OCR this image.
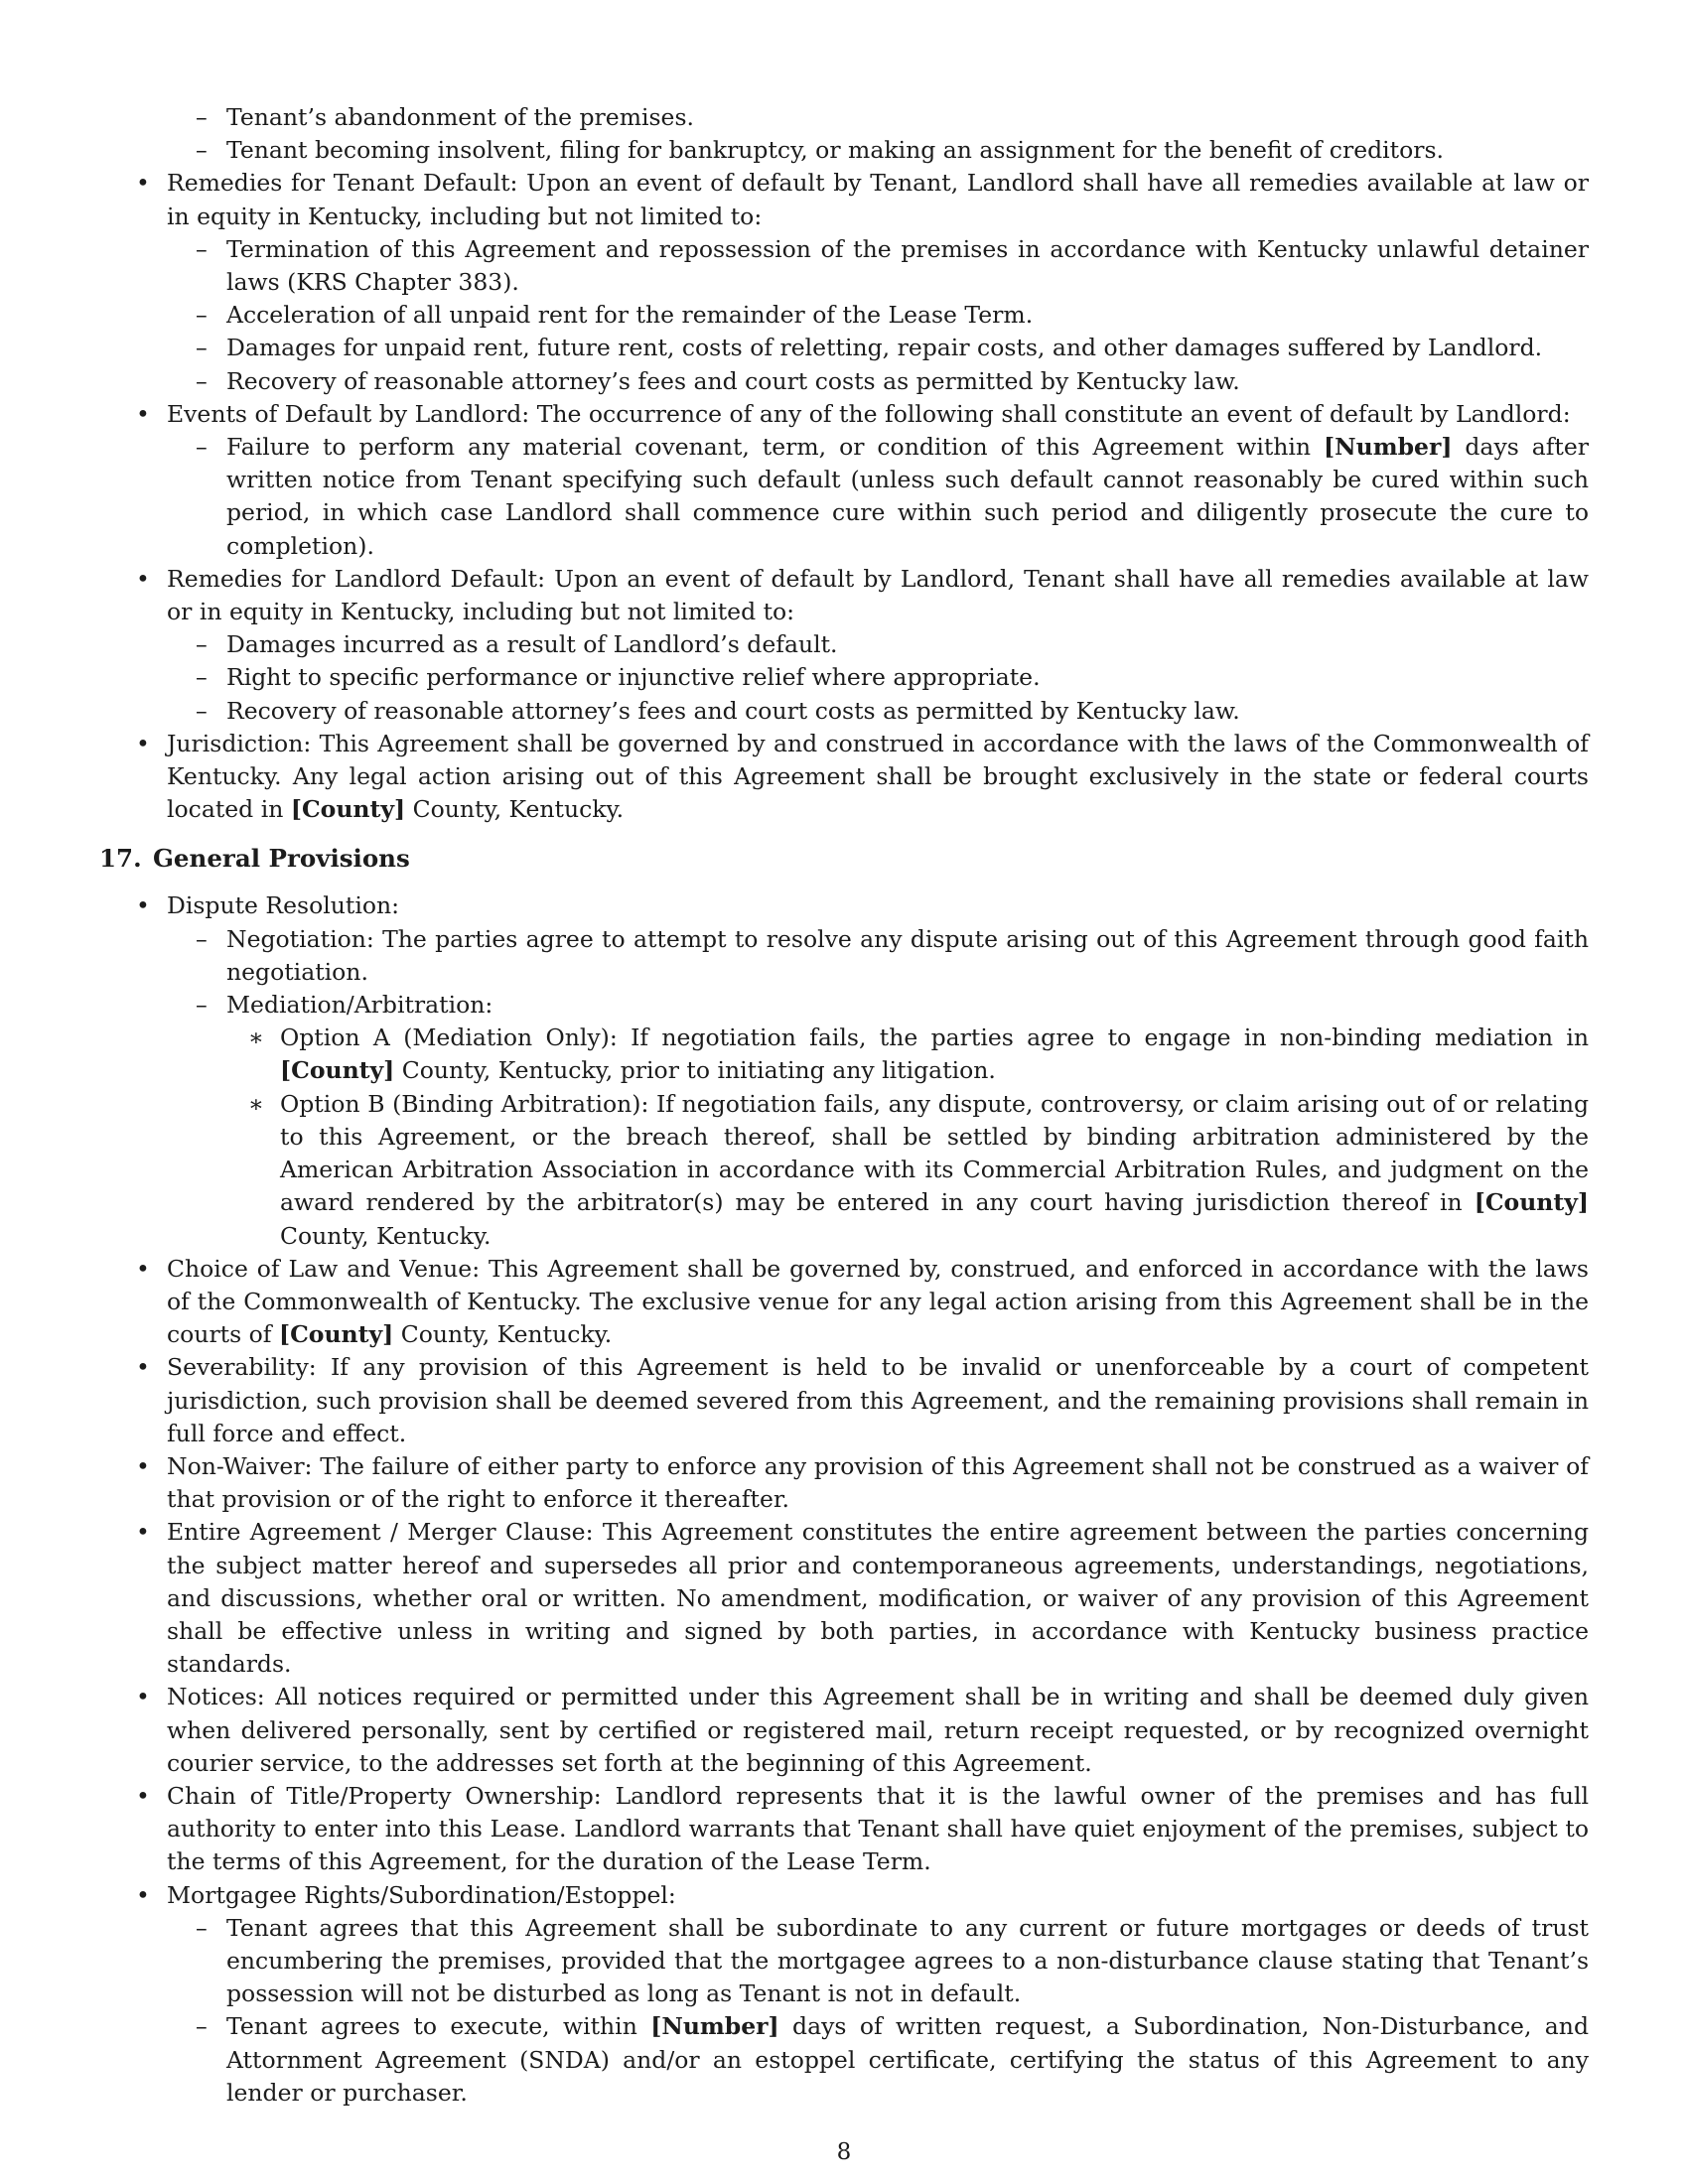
– Tenant’s abandonment of the premises.
– Tenant becoming insolvent, filing for bankruptcy, or making an assignment for the benefit of creditors.
• Remedies for Tenant Default: Upon an event of default by Tenant, Landlord shall have all remedies available at law or in equity in Kentucky, including but not limited to:
– Termination of this Agreement and repossession of the premises in accordance with Kentucky unlawful detainer laws (KRS Chapter 383).
– Acceleration of all unpaid rent for the remainder of the Lease Term.
– Damages for unpaid rent, future rent, costs of reletting, repair costs, and other damages suffered by Landlord.
– Recovery of reasonable attorney’s fees and court costs as permitted by Kentucky law.
• Events of Default by Landlord: The occurrence of any of the following shall constitute an event of default by Landlord:
– Failure to perform any material covenant, term, or condition of this Agreement within [Number] days after written notice from Tenant specifying such default (unless such default cannot reasonably be cured within such period, in which case Landlord shall commence cure within such period and diligently prosecute the cure to completion).
• Remedies for Landlord Default: Upon an event of default by Landlord, Tenant shall have all remedies available at law or in equity in Kentucky, including but not limited to:
– Damages incurred as a result of Landlord’s default.
– Right to specific performance or injunctive relief where appropriate.
– Recovery of reasonable attorney’s fees and court costs as permitted by Kentucky law.
• Jurisdiction: This Agreement shall be governed by and construed in accordance with the laws of the Commonwealth of Kentucky. Any legal action arising out of this Agreement shall be brought exclusively in the state or federal courts located in [County] County, Kentucky.
17. General Provisions
• Dispute Resolution:
– Negotiation: The parties agree to attempt to resolve any dispute arising out of this Agreement through good faith negotiation.
– Mediation/Arbitration:
∗ Option A (Mediation Only): If negotiation fails, the parties agree to engage in non-binding mediation in [County] County, Kentucky, prior to initiating any litigation.
∗ Option B (Binding Arbitration): If negotiation fails, any dispute, controversy, or claim arising out of or relating to this Agreement, or the breach thereof, shall be settled by binding arbitration administered by the American Arbitration Association in accordance with its Commercial Arbitration Rules, and judgment on the award rendered by the arbitrator(s) may be entered in any court having jurisdiction thereof in [County] County, Kentucky.
• Choice of Law and Venue: This Agreement shall be governed by, construed, and enforced in accordance with the laws of the Commonwealth of Kentucky. The exclusive venue for any legal action arising from this Agreement shall be in the courts of [County] County, Kentucky.
• Severability: If any provision of this Agreement is held to be invalid or unenforceable by a court of competent jurisdiction, such provision shall be deemed severed from this Agreement, and the remaining provisions shall remain in full force and effect.
• Non-Waiver: The failure of either party to enforce any provision of this Agreement shall not be construed as a waiver of that provision or of the right to enforce it thereafter.
• Entire Agreement / Merger Clause: This Agreement constitutes the entire agreement between the parties concerning the subject matter hereof and supersedes all prior and contemporaneous agreements, understandings, negotiations, and discussions, whether oral or written. No amendment, modification, or waiver of any provision of this Agreement shall be effective unless in writing and signed by both parties, in accordance with Kentucky business practice standards.
• Notices: All notices required or permitted under this Agreement shall be in writing and shall be deemed duly given when delivered personally, sent by certified or registered mail, return receipt requested, or by recognized overnight courier service, to the addresses set forth at the beginning of this Agreement.
• Chain of Title/Property Ownership: Landlord represents that it is the lawful owner of the premises and has full authority to enter into this Lease. Landlord warrants that Tenant shall have quiet enjoyment of the premises, subject to the terms of this Agreement, for the duration of the Lease Term.
• Mortgagee Rights/Subordination/Estoppel:
– Tenant agrees that this Agreement shall be subordinate to any current or future mortgages or deeds of trust encumbering the premises, provided that the mortgagee agrees to a non-disturbance clause stating that Tenant’s possession will not be disturbed as long as Tenant is not in default.
– Tenant agrees to execute, within [Number] days of written request, a Subordination, Non-Disturbance, and Attornment Agreement (SNDA) and/or an estoppel certificate, certifying the status of this Agreement to any lender or purchaser.
8
